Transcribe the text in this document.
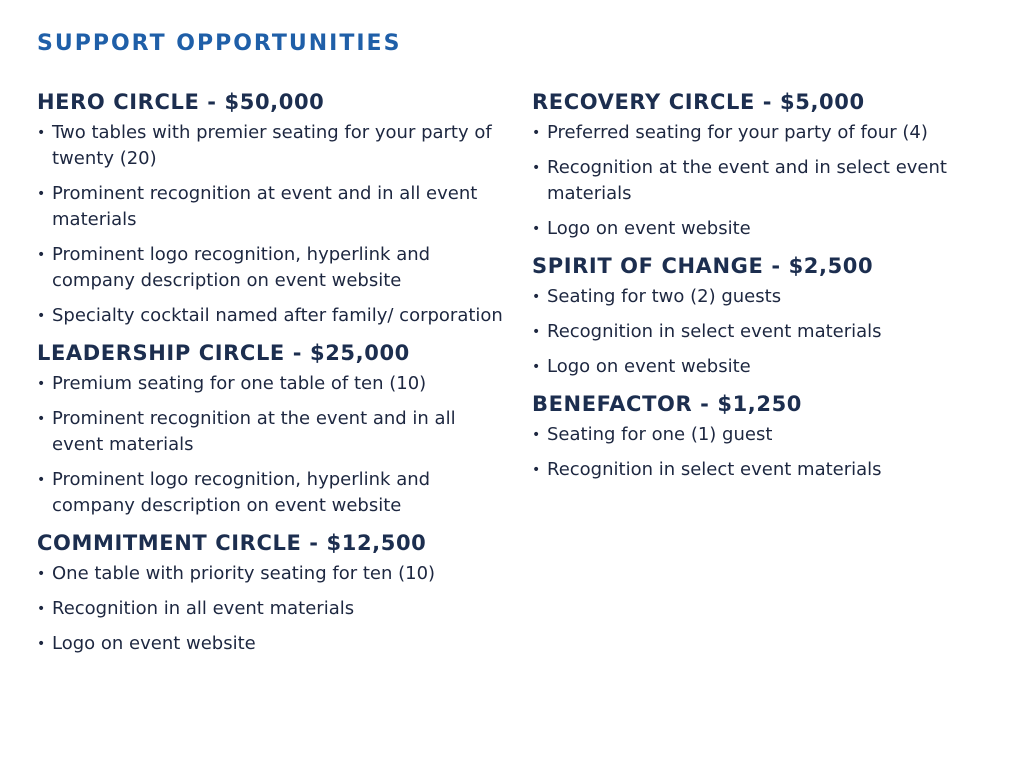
SUPPORT OPPORTUNITIES
HERO CIRCLE - $50,000
• Two tables with premier seating for your party of twenty (20)
• Prominent recognition at event and in all event materials
• Prominent logo recognition, hyperlink and company description on event website
• Specialty cocktail named after family/ corporation
LEADERSHIP CIRCLE - $25,000
• Premium seating for one table of ten (10)
• Prominent recognition at the event and in all event materials
• Prominent logo recognition, hyperlink and company description on event website
COMMITMENT CIRCLE - $12,500
• One table with priority seating for ten (10)
• Recognition in all event materials
• Logo on event website
RECOVERY CIRCLE - $5,000
• Preferred seating for your party of four (4)
• Recognition at the event and in select event materials
• Logo on event website
SPIRIT OF CHANGE - $2,500
• Seating for two (2) guests
• Recognition in select event materials
• Logo on event website
BENEFACTOR - $1,250
• Seating for one (1) guest
• Recognition in select event materials
